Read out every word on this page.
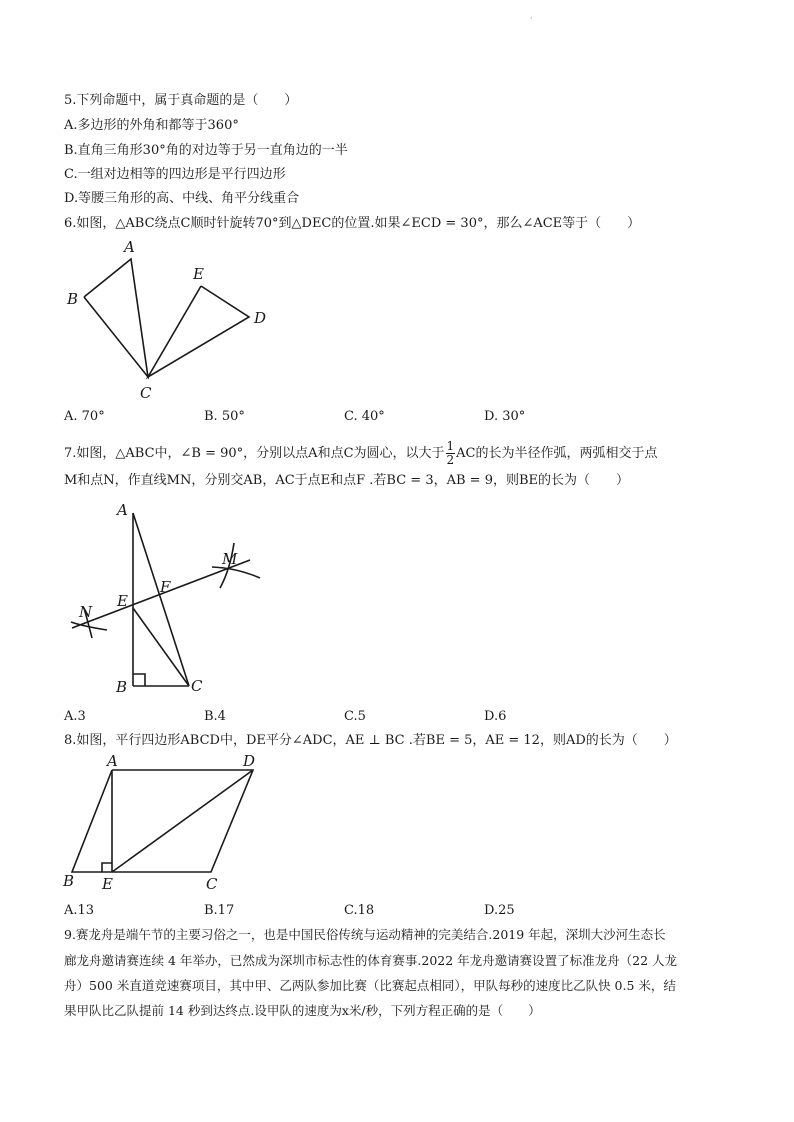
·
5.下列命题中，属于真命题的是（　　）
A.多边形的外角和都等于360°
B.直角三角形30°角的对边等于另一直角边的一半
C.一组对边相等的四边形是平行四边形
D.等腰三角形的高、中线、角平分线重合
6.如图，△ABC绕点C顺时针旋转70°到△DEC的位置.如果∠ECD = 30°，那么∠ACE等于（　　）
A
B
C
D
E
A. 70°	B. 50°	C. 40°	D. 30°
7.如图，△ABC中，∠B = 90°，分别以点A和点C为圆心，以大于 $\frac{1}{2}$ AC的长为半径作弧，两弧相交于点
M和点N，作直线MN，分别交AB，AC于点E和点F .若BC = 3，AB = 9，则BE的长为（　　）
A
B	C
E
F
M
N
A.3	B.4	C.5	D.6
8.如图，平行四边形ABCD中，DE平分∠ADC，AE ⊥ BC .若BE = 5，AE = 12，则AD的长为（　　）
A
B	C
D
E
A.13	B.17	C.18	D.25
9.赛龙舟是端午节的主要习俗之一，也是中国民俗传统与运动精神的完美结合.2019 年起，深圳大沙河生态长
廊龙舟邀请赛连续 4 年举办，已然成为深圳市标志性的体育赛事.2022 年龙舟邀请赛设置了标准龙舟（22 人龙
舟）500 米直道竞速赛项目，其中甲、乙两队参加比赛（比赛起点相同），甲队每秒的速度比乙队快 0.5 米，结
果甲队比乙队提前 14 秒到达终点.设甲队的速度为x米/秒，下列方程正确的是（　　）
